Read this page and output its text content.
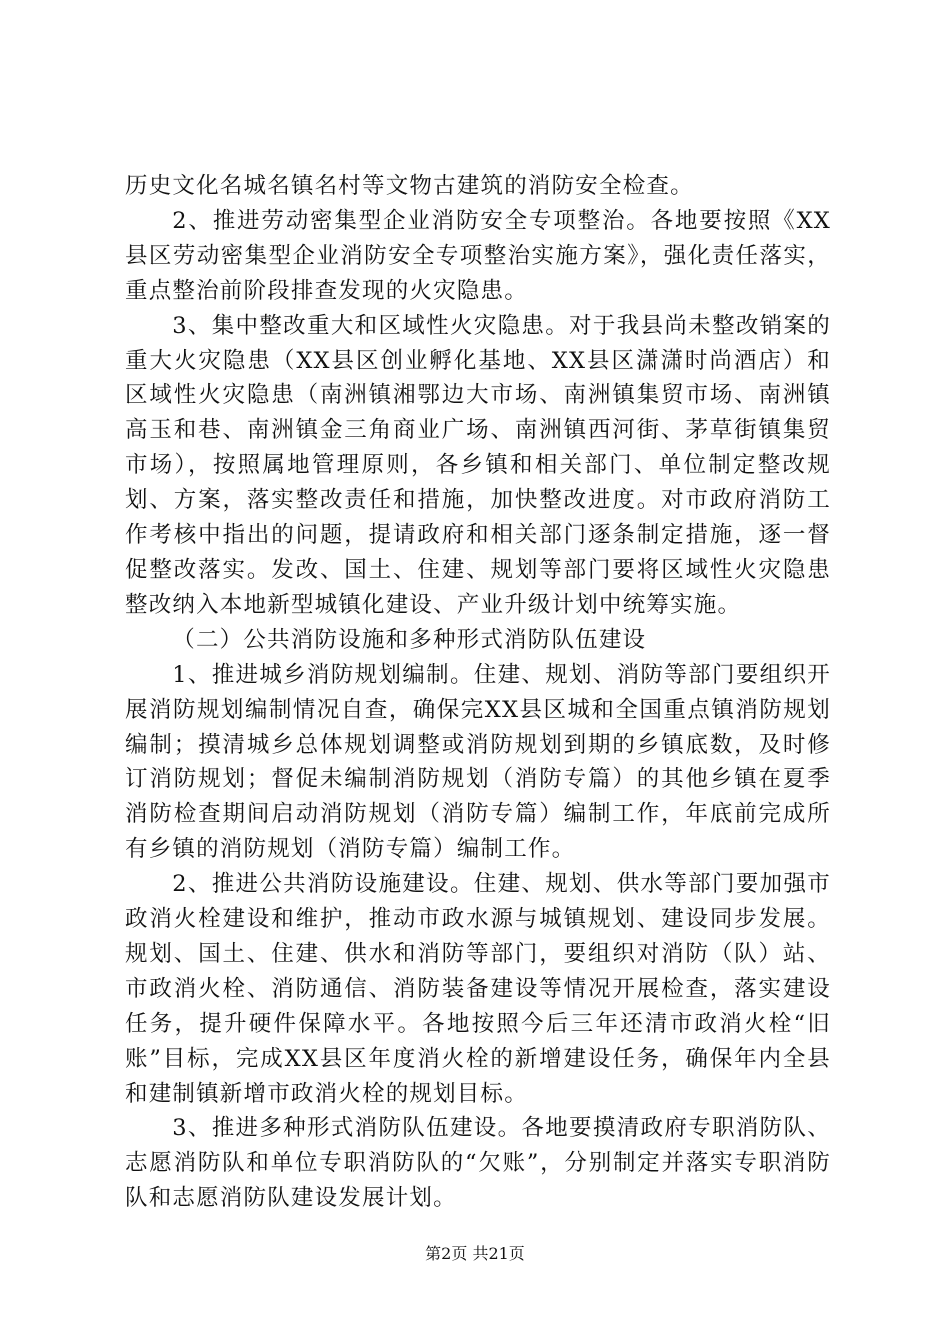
历史文化名城名镇名村等文物古建筑的消防安全检查。

2、推进劳动密集型企业消防安全专项整治。各地要按照《XX县区劳动密集型企业消防安全专项整治实施方案》，强化责任落实，重点整治前阶段排查发现的火灾隐患。

3、集中整改重大和区域性火灾隐患。对于我县尚未整改销案的重大火灾隐患（XX县区创业孵化基地、XX县区潇潇时尚酒店）和区域性火灾隐患（南洲镇湘鄂边大市场、南洲镇集贸市场、南洲镇高玉和巷、南洲镇金三角商业广场、南洲镇西河街、茅草街镇集贸市场），按照属地管理原则，各乡镇和相关部门、单位制定整改规划、方案，落实整改责任和措施，加快整改进度。对市政府消防工作考核中指出的问题，提请政府和相关部门逐条制定措施，逐一督促整改落实。发改、国土、住建、规划等部门要将区域性火灾隐患整改纳入本地新型城镇化建设、产业升级计划中统筹实施。

（二）公共消防设施和多种形式消防队伍建设

1、推进城乡消防规划编制。住建、规划、消防等部门要组织开展消防规划编制情况自查，确保完XX县区城和全国重点镇消防规划编制；摸清城乡总体规划调整或消防规划到期的乡镇底数，及时修订消防规划；督促未编制消防规划（消防专篇）的其他乡镇在夏季消防检查期间启动消防规划（消防专篇）编制工作，年底前完成所有乡镇的消防规划（消防专篇）编制工作。

2、推进公共消防设施建设。住建、规划、供水等部门要加强市政消火栓建设和维护，推动市政水源与城镇规划、建设同步发展。规划、国土、住建、供水和消防等部门，要组织对消防（队）站、市政消火栓、消防通信、消防装备建设等情况开展检查，落实建设任务，提升硬件保障水平。各地按照今后三年还清市政消火栓“旧账”目标，完成XX县区年度消火栓的新增建设任务，确保年内全县和建制镇新增市政消火栓的规划目标。

3、推进多种形式消防队伍建设。各地要摸清政府专职消防队、志愿消防队和单位专职消防队的“欠账”，分别制定并落实专职消防队和志愿消防队建设发展计划。

第2页 共21页
